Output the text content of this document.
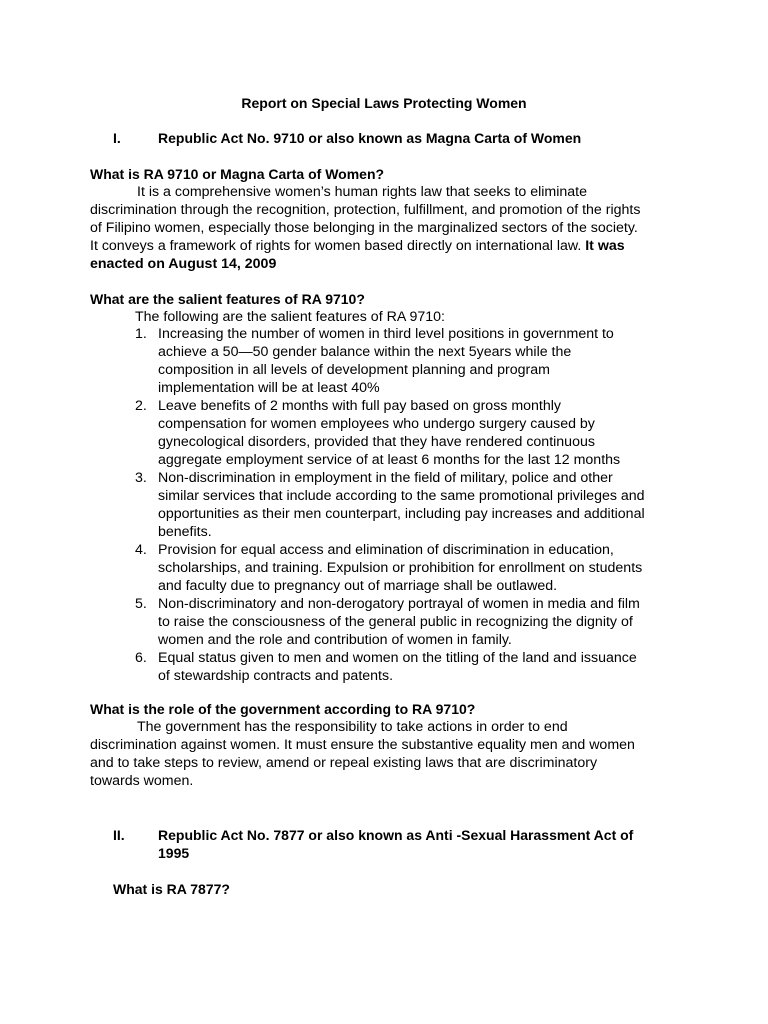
Report on Special Laws Protecting Women
I.	Republic Act No. 9710 or also known as Magna Carta of Women
What is RA 9710 or Magna Carta of Women?
It is a comprehensive women’s human rights law that seeks to eliminate
discrimination through the recognition, protection, fulfillment, and promotion of the rights
of Filipino women, especially those belonging in the marginalized sectors of the society.
It conveys a framework of rights for women based directly on international law. It was
enacted on August 14, 2009
What are the salient features of RA 9710?
The following are the salient features of RA 9710:
1. Increasing the number of women in third level positions in government to
achieve a 50—50 gender balance within the next 5years while the
composition in all levels of development planning and program
implementation will be at least 40%
2. Leave benefits of 2 months with full pay based on gross monthly
compensation for women employees who undergo surgery caused by
gynecological disorders, provided that they have rendered continuous
aggregate employment service of at least 6 months for the last 12 months
3. Non-discrimination in employment in the field of military, police and other
similar services that include according to the same promotional privileges and
opportunities as their men counterpart, including pay increases and additional
benefits.
4. Provision for equal access and elimination of discrimination in education,
scholarships, and training. Expulsion or prohibition for enrollment on students
and faculty due to pregnancy out of marriage shall be outlawed.
5. Non-discriminatory and non-derogatory portrayal of women in media and film
to raise the consciousness of the general public in recognizing the dignity of
women and the role and contribution of women in family.
6. Equal status given to men and women on the titling of the land and issuance
of stewardship contracts and patents.
What is the role of the government according to RA 9710?
The government has the responsibility to take actions in order to end
discrimination against women. It must ensure the substantive equality men and women
and to take steps to review, amend or repeal existing laws that are discriminatory
towards women.
II. Republic Act No. 7877 or also known as Anti -Sexual Harassment Act of
1995
What is RA 7877?
